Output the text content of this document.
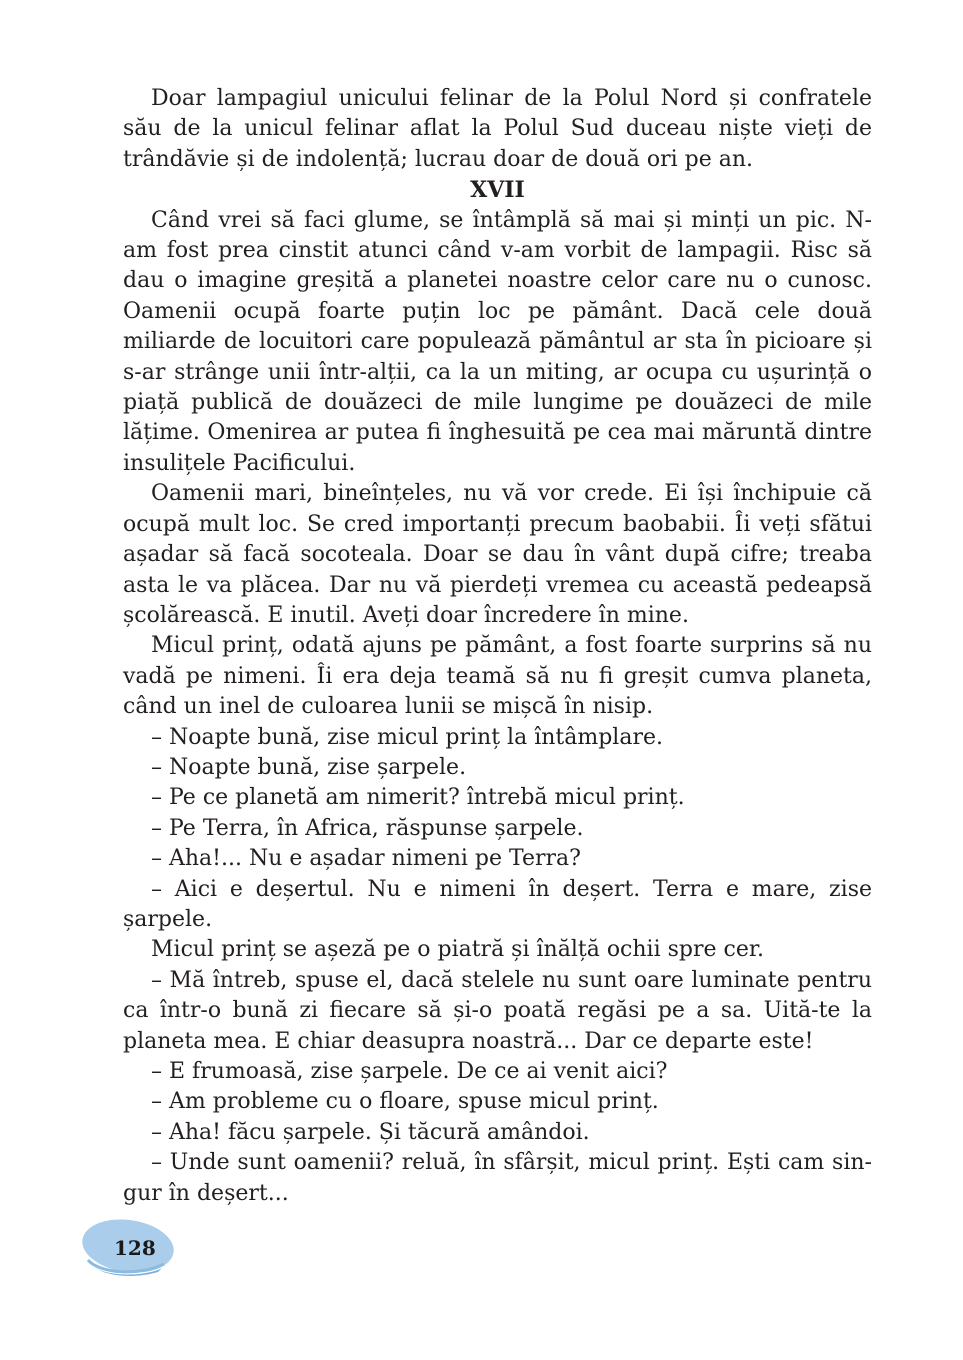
Doar lampagiul unicului felinar de la Polul Nord și confratele său de la unicul felinar aflat la Polul Sud duceau niște vieți de trândăvie și de indolență; lucrau doar de două ori pe an.

XVII

Când vrei să faci glume, se întâmplă să mai și minți un pic. N-am fost prea cinstit atunci când v-am vorbit de lampagii. Risc să dau o imagine greșită a planetei noastre celor care nu o cunosc. Oamenii ocupă foarte puțin loc pe pământ. Dacă cele două miliarde de locuitori care populează pământul ar sta în picioare și s-ar strânge unii într-alții, ca la un miting, ar ocupa cu ușurință o piață publică de douăzeci de mile lungime pe douăzeci de mile lățime. Omenirea ar putea fi înghesuită pe cea mai măruntă dintre insulițele Pacificului.

Oamenii mari, bineînțeles, nu vă vor crede. Ei își închipuie că ocupă mult loc. Se cred importanți precum baobabii. Îi veți sfătui așadar să facă socoteala. Doar se dau în vânt după cifre; treaba asta le va plăcea. Dar nu vă pierdeți vremea cu această pedeapsă școlărească. E inutil. Aveți doar încredere în mine.

Micul prinț, odată ajuns pe pământ, a fost foarte surprins să nu vadă pe nimeni. Îi era deja teamă să nu fi greșit cumva planeta, când un inel de culoarea lunii se mișcă în nisip.

– Noapte bună, zise micul prinț la întâmplare.

– Noapte bună, zise șarpele.

– Pe ce planetă am nimerit? întrebă micul prinț.

– Pe Terra, în Africa, răspunse șarpele.

– Aha!... Nu e așadar nimeni pe Terra?

– Aici e deșertul. Nu e nimeni în deșert. Terra e mare, zise șarpele.

Micul prinț se așeză pe o piatră și înălță ochii spre cer.

– Mă întreb, spuse el, dacă stelele nu sunt oare luminate pentru ca într-o bună zi fiecare să și-o poată regăsi pe a sa. Uită-te la planeta mea. E chiar deasupra noastră... Dar ce departe este!

– E frumoasă, zise șarpele. De ce ai venit aici?

– Am probleme cu o floare, spuse micul prinț.

– Aha! făcu șarpele. Și tăcură amândoi.

– Unde sunt oamenii? reluă, în sfârșit, micul prinț. Ești cam sin-gur în deșert...

128
